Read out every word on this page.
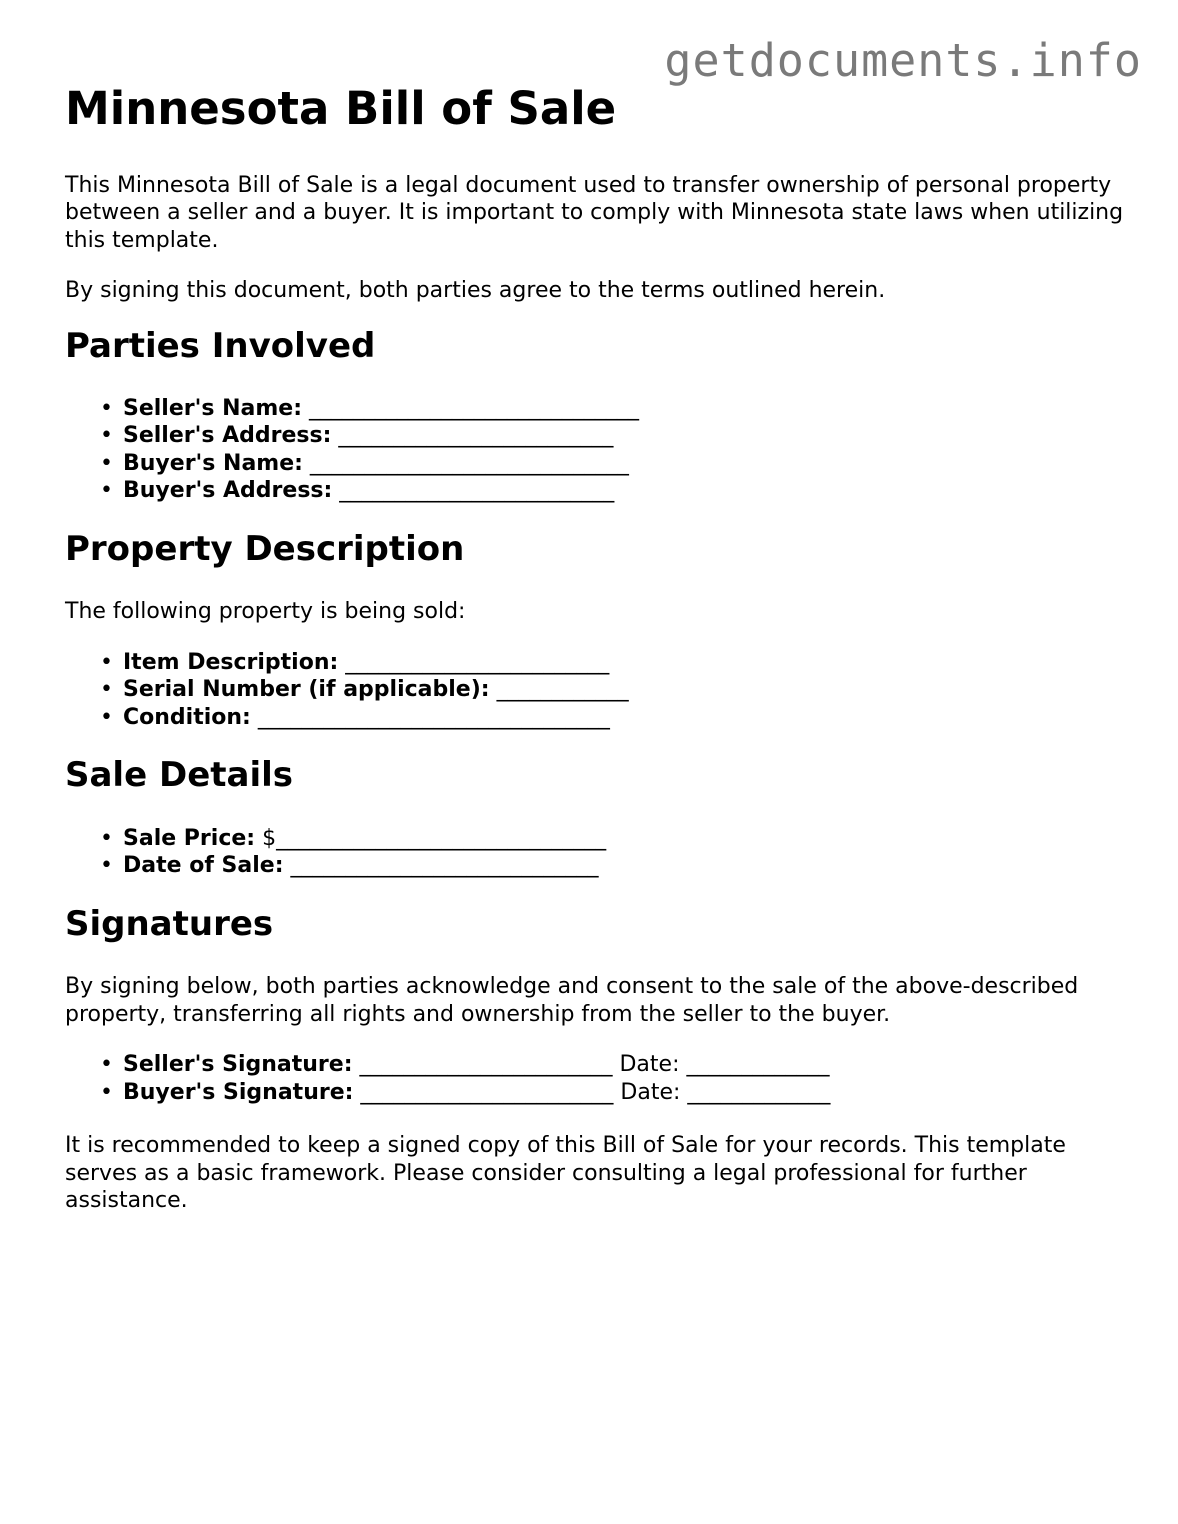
getdocuments.info
Minnesota Bill of Sale

This Minnesota Bill of Sale is a legal document used to transfer ownership of personal property between a seller and a buyer. It is important to comply with Minnesota state laws when utilizing this template.

By signing this document, both parties agree to the terms outlined herein.

Parties Involved
• Seller's Name: ______________________________
• Seller's Address: _________________________
• Buyer's Name: _____________________________
• Buyer's Address: _________________________
Property Description

The following property is being sold:

• Item Description: ________________________
• Serial Number (if applicable): ____________
• Condition: ________________________________
Sale Details
• Sale Price: $______________________________
• Date of Sale: ____________________________
Signatures

By signing below, both parties acknowledge and consent to the sale of the above-described property, transferring all rights and ownership from the seller to the buyer.

• Seller's Signature: _______________________ Date: _____________
• Buyer's Signature: _______________________ Date: _____________

It is recommended to keep a signed copy of this Bill of Sale for your records. This template serves as a basic framework. Please consider consulting a legal professional for further assistance.
